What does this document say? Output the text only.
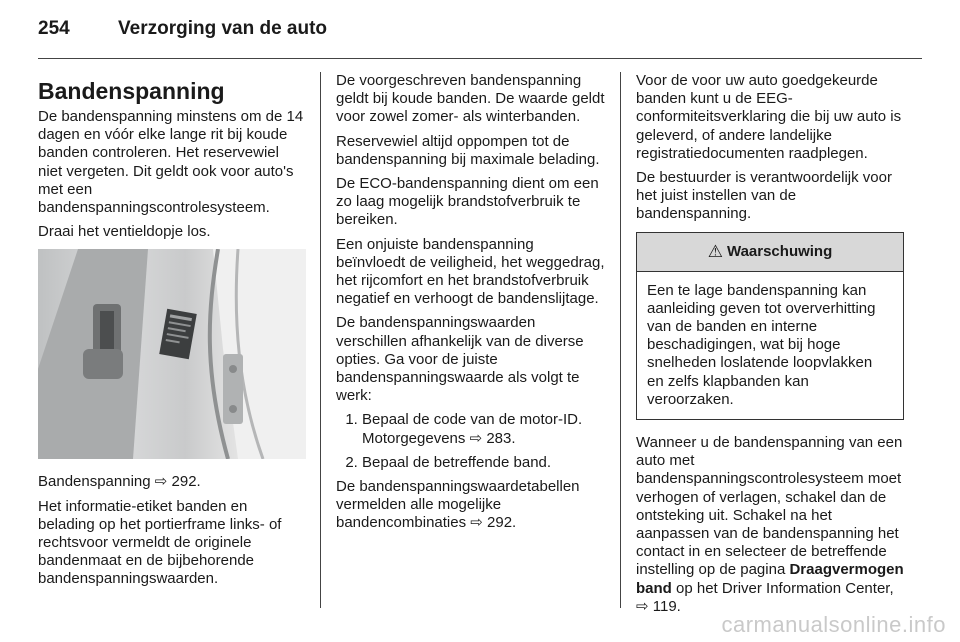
254	Verzorging van de auto
Bandenspanning

De bandenspanning minstens om de 14 dagen en vóór elke lange rit bij koude banden controleren. Het reservewiel niet vergeten. Dit geldt ook voor auto's met een bandenspanningscontrolesysteem.

Draai het ventieldopje los.

Bandenspanning ⇨ 292.

Het informatie-etiket banden en belading op het portierframe links- of rechtsvoor vermeldt de originele bandenmaat en de bijbehorende bandenspanningswaarden.

De voorgeschreven bandenspanning geldt bij koude banden. De waarde geldt voor zowel zomer- als winterbanden.

Reservewiel altijd oppompen tot de bandenspanning bij maximale belading.

De ECO-bandenspanning dient om een zo laag mogelijk brandstofverbruik te bereiken.

Een onjuiste bandenspanning beïnvloedt de veiligheid, het weggedrag, het rijcomfort en het brandstofverbruik negatief en verhoogt de bandenslijtage.

De bandenspanningswaarden verschillen afhankelijk van de diverse opties. Ga voor de juiste bandenspanningswaarde als volgt te werk:

1. Bepaal de code van de motor-ID. Motorgegevens ⇨ 283.
2. Bepaal de betreffende band.

De bandenspanningswaardetabellen vermelden alle mogelijke bandencombinaties ⇨ 292.

Voor de voor uw auto goedgekeurde banden kunt u de EEG-conformiteitsverklaring die bij uw auto is geleverd, of andere landelijke registratiedocumenten raadplegen.

De bestuurder is verantwoordelijk voor het juist instellen van de bandenspanning.

⚠ Waarschuwing
Een te lage bandenspanning kan aanleiding geven tot oververhitting van de banden en interne beschadigingen, wat bij hoge snelheden loslatende loopvlakken en zelfs klapbanden kan veroorzaken.

Wanneer u de bandenspanning van een auto met bandenspanningscontrolesysteem moet verhogen of verlagen, schakel dan de ontsteking uit. Schakel na het aanpassen van de bandenspanning het contact in en selecteer de betreffende instelling op de pagina Draagvermogen band op het Driver Information Center, ⇨ 119.

carmanualsonline.info
